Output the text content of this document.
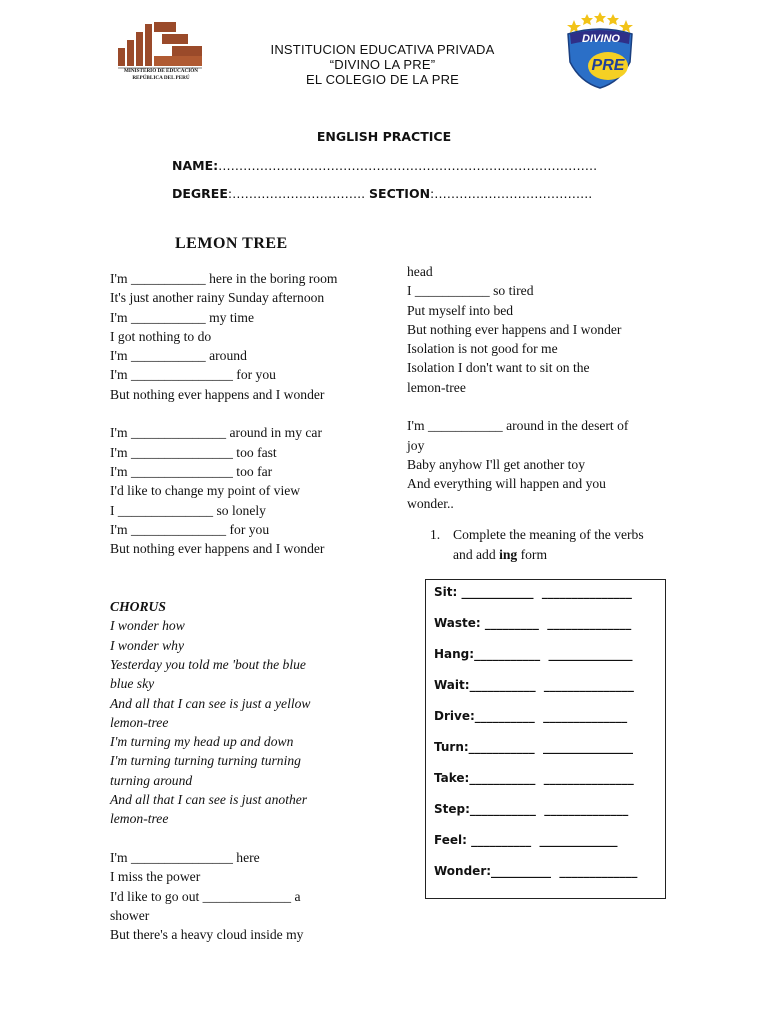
MINISTERIO DE EDUCACIÓN
REPÚBLICA DEL PERÚ
INSTITUCION EDUCATIVA PRIVADA
“DIVINO LA PRE”
EL COLEGIO DE LA PRE
DIVINO
PRE
ENGLISH PRACTICE
NAME:……………………………………………………………………………….
DEGREE:………………………….. SECTION:………………………………..
LEMON TREE
I'm ___________ here in the boring room
It's just another rainy Sunday afternoon
I'm ___________ my time
I got nothing to do
I'm ___________ around
I'm _______________ for you
But nothing ever happens and I wonder
I'm ______________ around in my car
I'm _______________ too fast
I'm _______________ too far
I'd like to change my point of view
I ______________ so lonely
I'm ______________ for you
But nothing ever happens and I wonder
CHORUS
I wonder how
I wonder why
Yesterday you told me 'bout the blue
blue sky
And all that I can see is just a yellow
lemon-tree
I'm turning my head up and down
I'm turning turning turning turning
turning around
And all that I can see is just another
lemon-tree
I'm _______________ here
I miss the power
I'd like to go out _____________ a
shower
But there's a heavy cloud inside my
head
I ___________ so tired
Put myself into bed
But nothing ever happens and I wonder
Isolation is not good for me
Isolation I don't want to sit on the
lemon-tree
I'm ___________ around in the desert of
joy
Baby anyhow I'll get another toy
And everything will happen and you
wonder..
1. Complete the meaning of the verbs and add ing form
Sit: ____________ _______________
Waste: _________ ______________
Hang:___________ ______________
Wait:___________ _______________
Drive:__________ ______________
Turn:___________ _______________
Take:___________ _______________
Step:___________ ______________
Feel: __________ _____________
Wonder:__________ _____________
